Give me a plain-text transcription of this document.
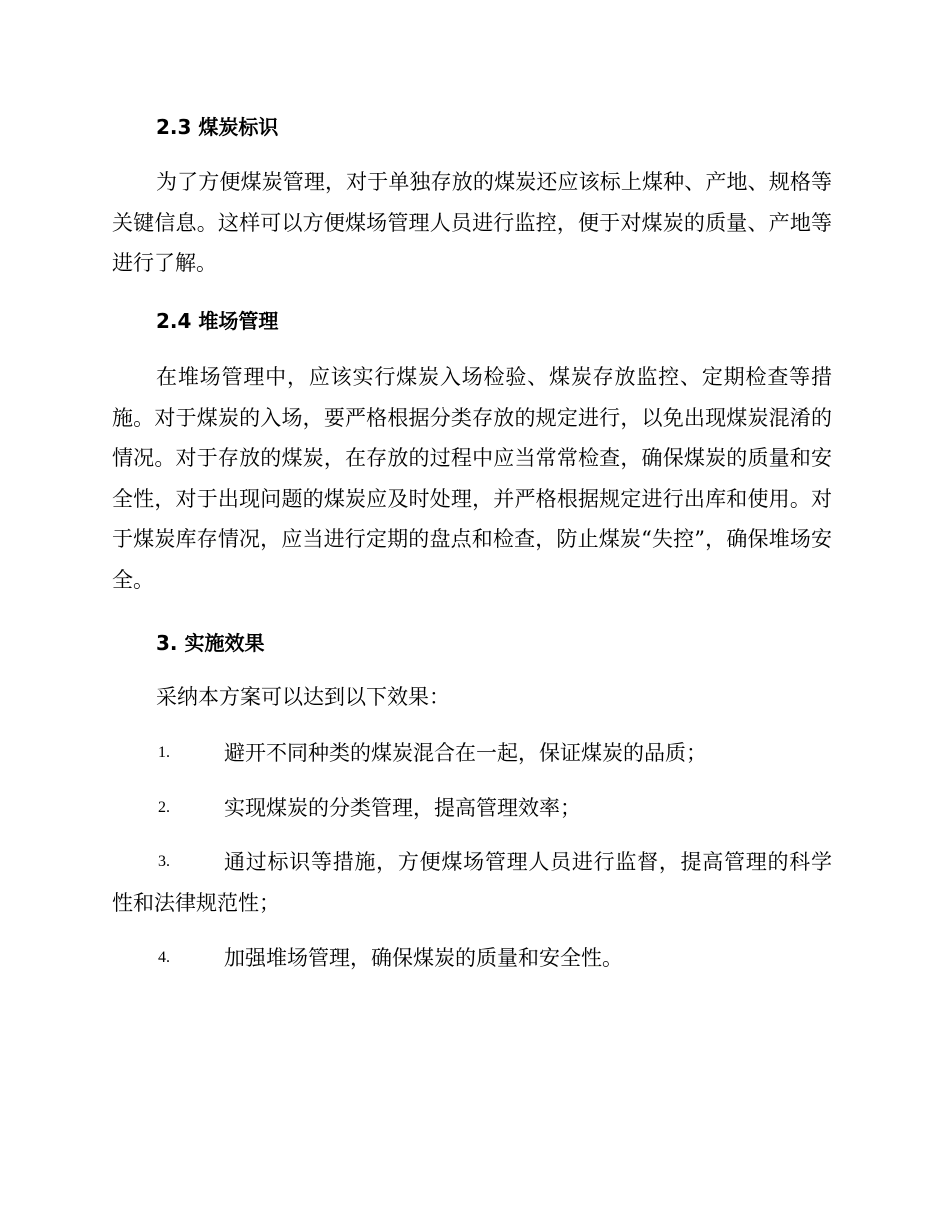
2.3 煤炭标识

为了方便煤炭管理，对于单独存放的煤炭还应该标上煤种、产地、规格等关键信息。这样可以方便煤场管理人员进行监控，便于对煤炭的质量、产地等进行了解。

2.4 堆场管理

在堆场管理中，应该实行煤炭入场检验、煤炭存放监控、定期检查等措施。对于煤炭的入场，要严格根据分类存放的规定进行，以免出现煤炭混淆的情况。对于存放的煤炭，在存放的过程中应当常常检查，确保煤炭的质量和安全性，对于出现问题的煤炭应及时处理，并严格根据规定进行出库和使用。对于煤炭库存情况，应当进行定期的盘点和检查，防止煤炭“失控”，确保堆场安全。

3. 实施效果
采纳本方案可以达到以下效果：
1.	避开不同种类的煤炭混合在一起，保证煤炭的品质；
2.	实现煤炭的分类管理，提高管理效率；
3.	通过标识等措施，方便煤场管理人员进行监督，提高管理的科学性和法律规范性；
4.	加强堆场管理，确保煤炭的质量和安全性。
